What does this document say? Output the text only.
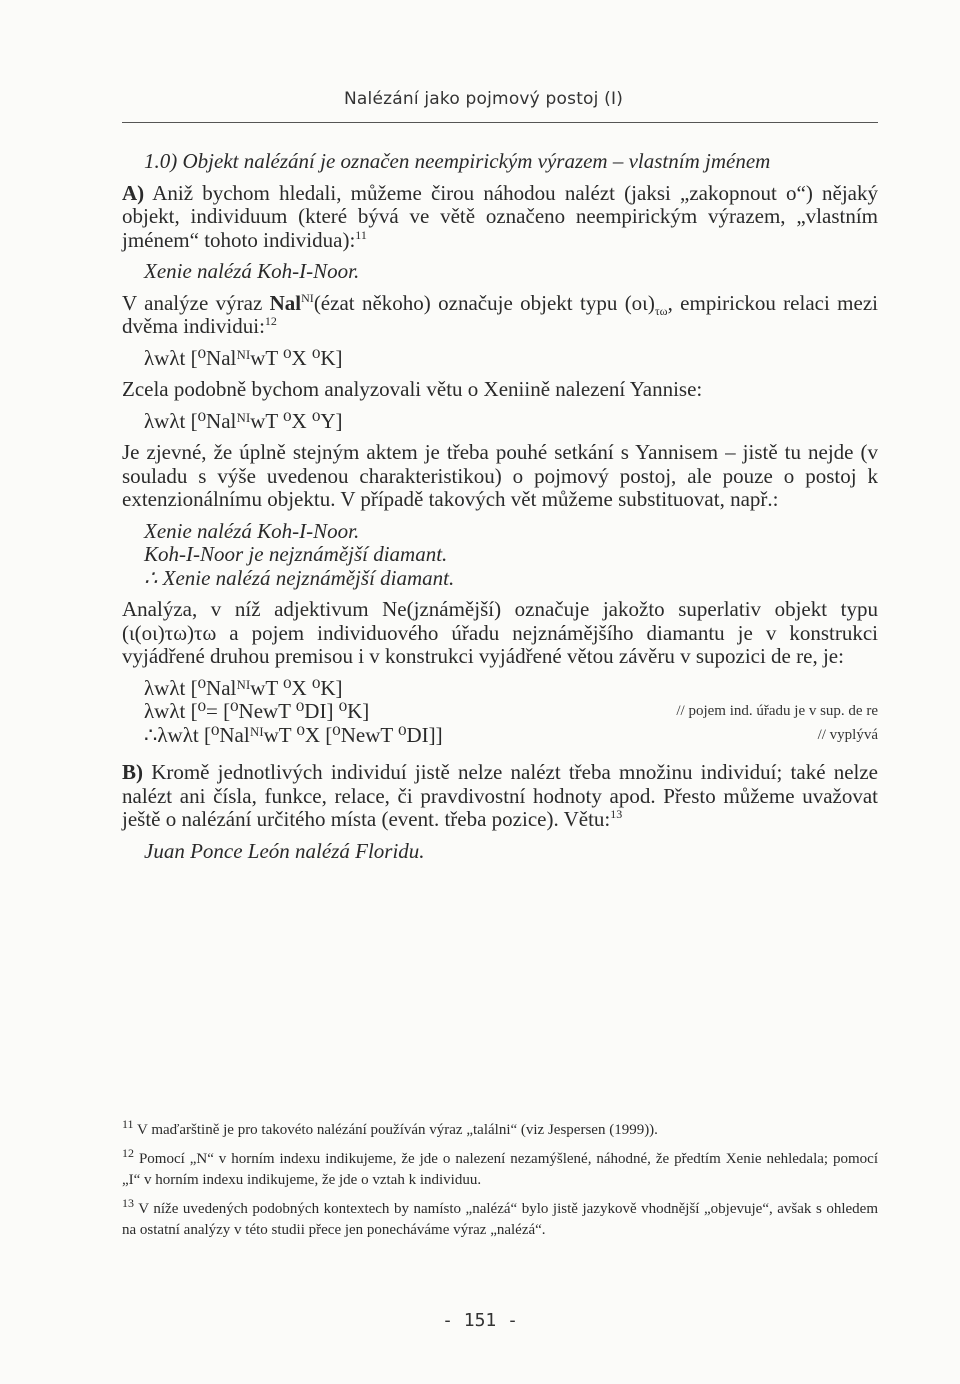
Nalézání jako pojmový postoj (I)

1.0) Objekt nalézání je označen neempirickým výrazem – vlastním jménem

A) Aniž bychom hledali, můžeme čirou náhodou nalézt (jaksi „zakopnout o“) nějaký objekt, individuum (které bývá ve větě označeno neempirickým výrazem, „vlastním jménem“ tohoto individua):$^{11}$

Xenie nalézá Koh-I-Noor.

V analýze výraz Nal$^{NI}$(ézat někoho) označuje objekt typu $(o\iota)_{\tau\omega}$, empirickou relaci mezi dvěma individui:$^{12}$

λwλt [⁰NalᴺᴵwT ⁰X ⁰K]

Zcela podobně bychom analyzovali větu o Xeniině nalezení Yannise:

λwλt [⁰NalᴺᴵwT ⁰X ⁰Y]

Je zjevné, že úplně stejným aktem je třeba pouhé setkání s Yannisem – jistě tu nejde (v souladu s výše uvedenou charakteristikou) o pojmový postoj, ale pouze o postoj k extenzionálnímu objektu. V případě takových vět můžeme substituovat, např.:

Xenie nalézá Koh-I-Noor.

Koh-I-Noor je nejznámější diamant.

∴ Xenie nalézá nejznámější diamant.

Analýza, v níž adjektivum Ne(jznámější) označuje jakožto superlativ objekt typu (ι(οι)τω)τω a pojem individuového úřadu nejznámějšího diamantu je v konstrukci vyjádřené druhou premisou i v konstrukci vyjádřené větou závěru v supozici de re, je:

λwλt [⁰NalᴺᴵwT ⁰X ⁰K]

λwλt [⁰= [⁰NewT ⁰DI] ⁰K]	// pojem ind. úřadu je v sup. de re
∴λwλt [⁰NalᴺᴵwT ⁰X [⁰NewT ⁰DI]]	// vyplývá

B) Kromě jednotlivých individuí jistě nelze nalézt třeba množinu individuí; také nelze nalézt ani čísla, funkce, relace, či pravdivostní hodnoty apod. Přesto můžeme uvažovat ještě o nalézání určitého místa (event. třeba pozice). Větu:$^{13}$

Juan Ponce León nalézá Floridu.

$^{11}$ V maďarštině je pro takovéto nalézání používán výraz „találni“ (viz Jespersen (1999)).

$^{12}$ Pomocí „N“ v horním indexu indikujeme, že jde o nalezení nezamýšlené, náhodné, že předtím Xenie nehledala; pomocí „I“ v horním indexu indikujeme, že jde o vztah k individuu.

$^{13}$ V níže uvedených podobných kontextech by namísto „nalézá“ bylo jistě jazykově vhodnější „objevuje“, avšak s ohledem na ostatní analýzy v této studii přece jen ponecháváme výraz „nalézá“.

- 151 -
